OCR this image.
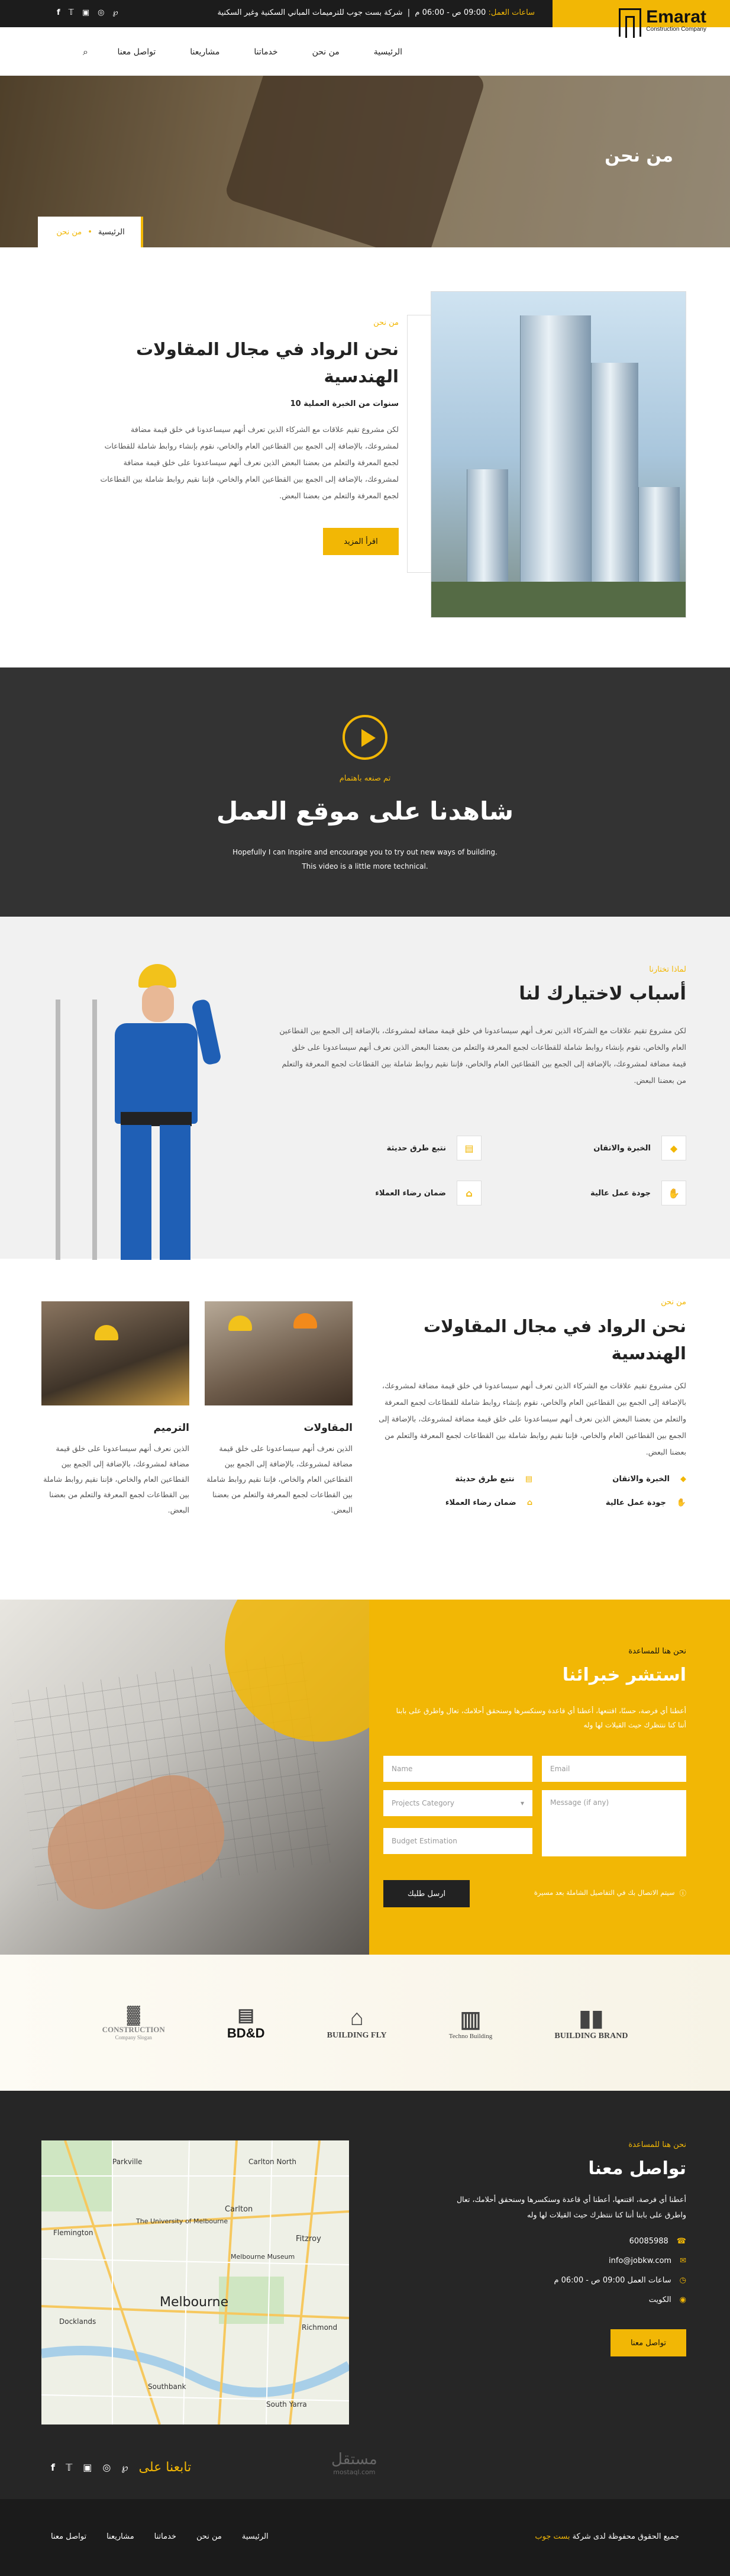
Emarat
Construction Company
ساعات العمل: 09:00 ص - 06:00 م  |  شركة بست جوب للترميمات المباني السكنية وغير السكنية
℘
◎
▣
𝕋
f
الرئيسية
من نحن
خدماتنا
مشاريعنا
تواصل معنا
⌕
من نحن
الرئيسية
•
من نحن
من نحن
نحن الرواد في مجال المقاولات الهندسية
سنوات من الخبرة العملية 10

لكن مشروع تقيم علاقات مع الشركاء الذين تعرف أنهم سيساعدونا في خلق قيمة مضافة لمشروعك، بالإضافة إلى الجمع بين القطاعين العام والخاص، نقوم بإنشاء روابط شاملة للقطاعات لجمع المعرفة والتعلم من بعضنا البعض الذين نعرف أنهم سيساعدونا على خلق قيمة مضافة لمشروعك، بالإضافة إلى الجمع بين القطاعين العام والخاص، فإننا نقيم روابط شاملة بين القطاعات لجمع المعرفة والتعلم من بعضنا البعض.

اقرأ المزيد
تم صنعه باهتمام
شاهدنا على موقع العمل
Hopefully I can Inspire and encourage you to try out new ways of building.
This video is a little more technical.
لماذا تختارنا
أسباب لاختيارك لنا

لكن مشروع تقيم علاقات مع الشركاء الذين تعرف أنهم سيساعدونا في خلق قيمة مضافة لمشروعك، بالإضافة إلى الجمع بين القطاعين العام والخاص، نقوم بإنشاء روابط شاملة للقطاعات لجمع المعرفة والتعلم من بعضنا البعض الذين نعرف أنهم سيساعدونا على خلق قيمة مضافة لمشروعك، بالإضافة إلى الجمع بين القطاعين العام والخاص، فإننا نقيم روابط شاملة بين القطاعات لجمع المعرفة والتعلم من بعضنا البعض.

◆
الخبرة والاتقان
▤
نتبع طرق حديثة
✋
جودة عمل عالية
⌂
ضمان رضاء العملاء
من نحن
نحن الرواد في مجال المقاولات الهندسية

لكن مشروع تقيم علاقات مع الشركاء الذين تعرف أنهم سيساعدونا في خلق قيمة مضافة لمشروعك، بالإضافة إلى الجمع بين القطاعين العام والخاص، نقوم بإنشاء روابط شاملة للقطاعات لجمع المعرفة والتعلم من بعضنا البعض الذين نعرف أنهم سيساعدونا على خلق قيمة مضافة لمشروعك، بالإضافة إلى الجمع بين القطاعين العام والخاص، فإننا نقيم روابط شاملة بين القطاعات لجمع المعرفة والتعلم من بعضنا البعض.

◆
الخبرة والاتقان
▤
نتبع طرق حديثة
✋
جودة عمل عالية
⌂
ضمان رضاء العملاء
الترميم

الذين نعرف أنهم سيساعدونا على خلق قيمة مضافة لمشروعك، بالإضافة إلى الجمع بين القطاعين العام والخاص، فإننا نقيم روابط شاملة بين القطاعات لجمع المعرفة والتعلم من بعضنا البعض.

المقاولات

الذين نعرف أنهم سيساعدونا على خلق قيمة مضافة لمشروعك، بالإضافة إلى الجمع بين القطاعين العام والخاص، فإننا نقيم روابط شاملة بين القطاعات لجمع المعرفة والتعلم من بعضنا البعض.

نحن هنا للمساعدة
استشر خبرائنا
أعطنا أي فرصة، حسنًا، اقتنعها، أعطنا أي قاعدة وسنكسرها وسنحقق أحلامك، تعال واطرق على بابنا أننا كنا ننتظرك حيث القيلات لها وله
Email
Name
Message (if any)
Projects Category	▾
Budget Estimation
ارسل طلبك	ⓘ
سيتم الاتصال بك في التفاصيل الشاملة بعد مسيرة
▮▮
BUILDING BRAND
▥
Techno Building
⌂
BUILDING FLY
▤
BD&D
▓
CONSTRUCTION
Company Slogan
نحن هنا للمساعدة
تواصل معنا

أعطنا أي فرصة، اقتنعها، أعطنا أي قاعدة وسنكسرها وسنحقق أحلامك، تعال واطرق على بابنا أننا كنا ننتظرك حيث القيلات لها وله

☎
60085988
✉
info@jobkw.com
◷
ساعات العمل 09:00 ص - 06:00 م
◉
الكويت
تواصل معنا
Parkville	Carlton North
Flemington
The University of Melbourne
Melbourne Museum
Carlton
Fitzroy
Melbourne
Docklands
Richmond
South Yarra
Southbank
تابعنا على
℘
◎
▣
𝕋
f	مستقل
mostaql.com
الرئيسية
من نحن
خدماتنا
مشاريعنا
تواصل معنا	جميع الحقوق محفوظة لدى شركة بست جوب
